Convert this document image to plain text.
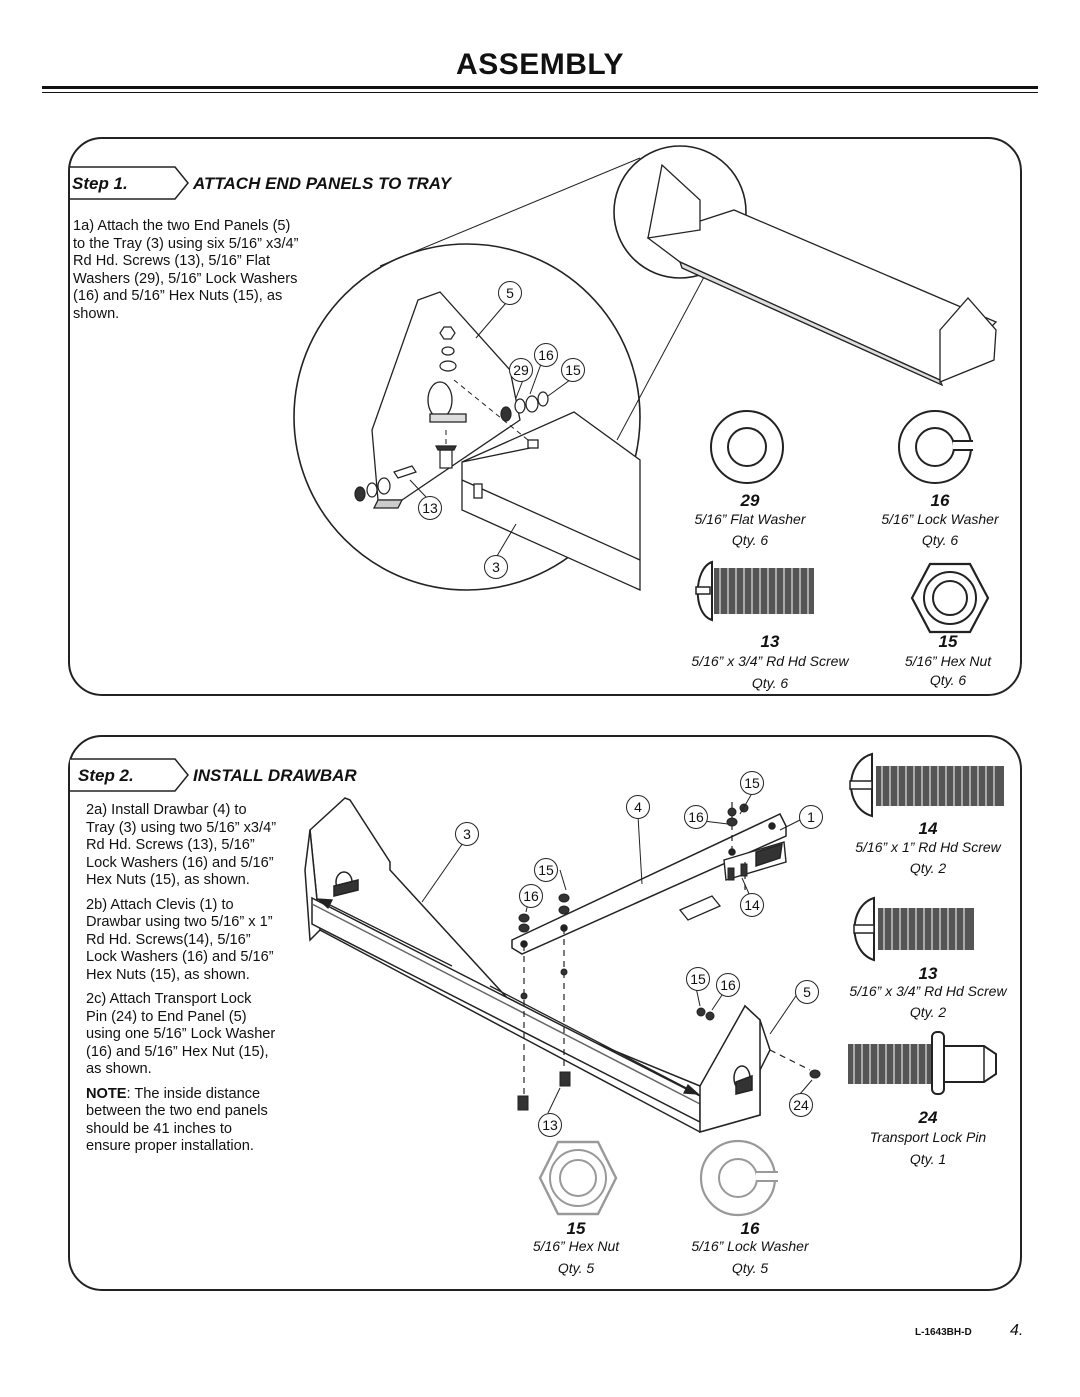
ASSEMBLY
Step 1.	ATTACH END PANELS TO TRAY
1a) Attach the two End Panels (5)
to the Tray (3) using six 5/16” x3/4”
Rd Hd. Screws (13), 5/16” Flat
Washers (29), 5/16” Lock Washers
(16) and 5/16” Hex Nuts (15), as
shown.
5
16
29	15
13
3
29
5/16” Flat Washer
Qty. 6
16
5/16” Lock Washer
Qty. 6
13
5/16” x 3/4” Rd Hd Screw
Qty. 6
15
5/16” Hex Nut
Qty. 6
Step 2.	INSTALL DRAWBAR

2a) Install Drawbar (4) to
Tray (3) using two 5/16” x3/4”
Rd Hd. Screws (13), 5/16”
Lock Washers (16) and 5/16”
Hex Nuts (15), as shown.

2b) Attach Clevis (1) to
Drawbar using two 5/16” x 1”
Rd Hd. Screws(14), 5/16”
Lock Washers (16) and 5/16”
Hex Nuts (15), as shown.

2c) Attach Transport Lock
Pin (24) to End Panel (5)
using one 5/16” Lock Washer
(16) and 5/16” Hex Nut (15),
as shown.

NOTE: The inside distance
between the two end panels
should be 41 inches to
ensure proper installation.

15
4
16	1
3
15
16
14
15	16	5
24
13
14
5/16” x 1” Rd Hd Screw
Qty. 2
13
5/16” x 3/4” Rd Hd Screw
Qty. 2
24
Transport Lock Pin
Qty. 1
15
5/16” Hex Nut
Qty. 5
16
5/16” Lock Washer
Qty. 5
L-1643BH-D 4.
